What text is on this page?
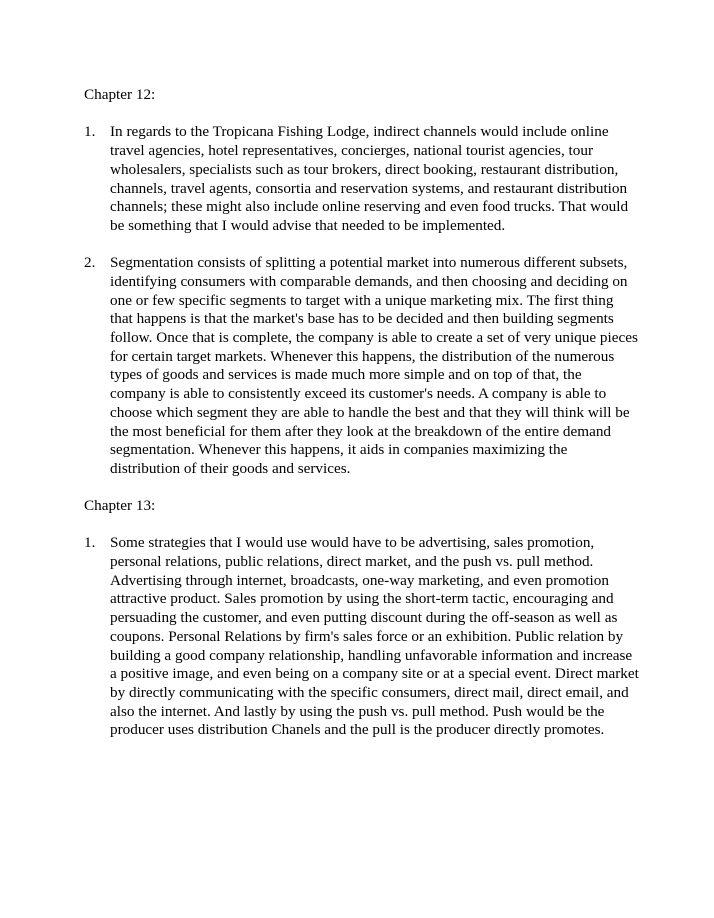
Chapter 12:
1. In regards to the Tropicana Fishing Lodge, indirect channels would include online travel agencies, hotel representatives, concierges, national tourist agencies, tour wholesalers, specialists such as tour brokers, direct booking, restaurant distribution, channels, travel agents, consortia and reservation systems, and restaurant distribution channels; these might also include online reserving and even food trucks. That would be something that I would advise that needed to be implemented.
2. Segmentation consists of splitting a potential market into numerous different subsets, identifying consumers with comparable demands, and then choosing and deciding on one or few specific segments to target with a unique marketing mix. The first thing that happens is that the market's base has to be decided and then building segments follow. Once that is complete, the company is able to create a set of very unique pieces for certain target markets. Whenever this happens, the distribution of the numerous types of goods and services is made much more simple and on top of that, the company is able to consistently exceed its customer's needs. A company is able to choose which segment they are able to handle the best and that they will think will be the most beneficial for them after they look at the breakdown of the entire demand segmentation. Whenever this happens, it aids in companies maximizing the distribution of their goods and services.
Chapter 13:
1. Some strategies that I would use would have to be advertising, sales promotion, personal relations, public relations, direct market, and the push vs. pull method. Advertising through internet, broadcasts, one-way marketing, and even promotion attractive product. Sales promotion by using the short-term tactic, encouraging and persuading the customer, and even putting discount during the off-season as well as coupons. Personal Relations by firm's sales force or an exhibition. Public relation by building a good company relationship, handling unfavorable information and increase a positive image, and even being on a company site or at a special event. Direct market by directly communicating with the specific consumers, direct mail, direct email, and also the internet. And lastly by using the push vs. pull method. Push would be the producer uses distribution Chanels and the pull is the producer directly promotes.
